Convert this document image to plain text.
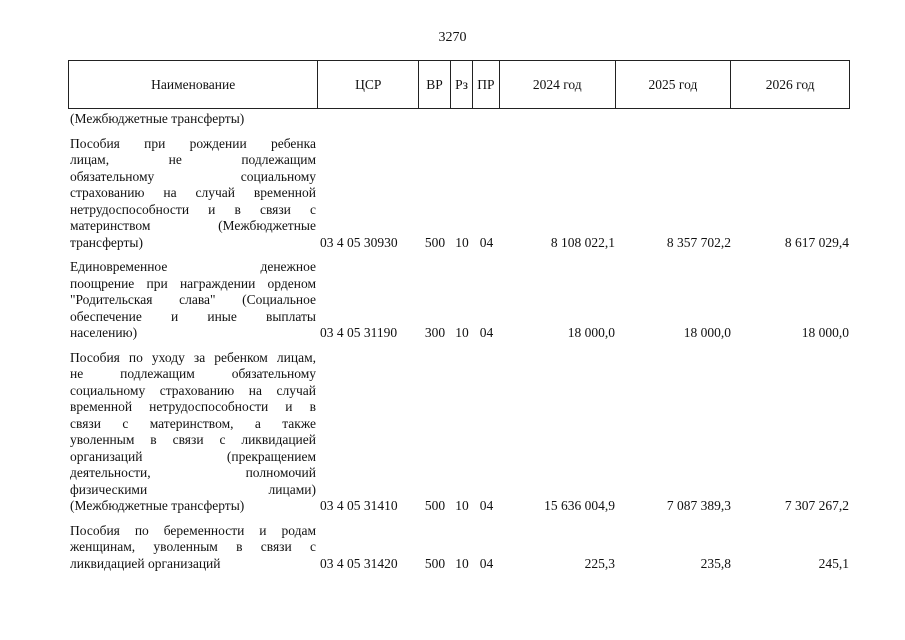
3270
Наименование	ЦСР	ВР Рз ПР	2024 год	2025 год	2026 год
(Межбюджетные трансферты)
Пособия при рождении ребенка
лицам, не подлежащим
обязательному социальному
страхованию на случай временной
нетрудоспособности и в связи с
материнством (Межбюджетные
трансферты)	03 4 05 30930	500 10 04	8 108 022,1	8 357 702,2	8 617 029,4
Единовременное денежное
поощрение при награждении орденом
"Родительская слава" (Социальное
обеспечение и иные выплаты
населению)	03 4 05 31190	300 10 04	18 000,0	18 000,0	18 000,0
Пособия по уходу за ребенком лицам,
не подлежащим обязательному
социальному страхованию на случай
временной нетрудоспособности и в
связи с материнством, а также
уволенным в связи с ликвидацией
организаций (прекращением
деятельности, полномочий
физическими лицами)
(Межбюджетные трансферты)	03 4 05 31410	500 10 04	15 636 004,9	7 087 389,3	7 307 267,2
Пособия по беременности и родам
женщинам, уволенным в связи с
ликвидацией организаций	03 4 05 31420	500 10 04	225,3	235,8	245,1
